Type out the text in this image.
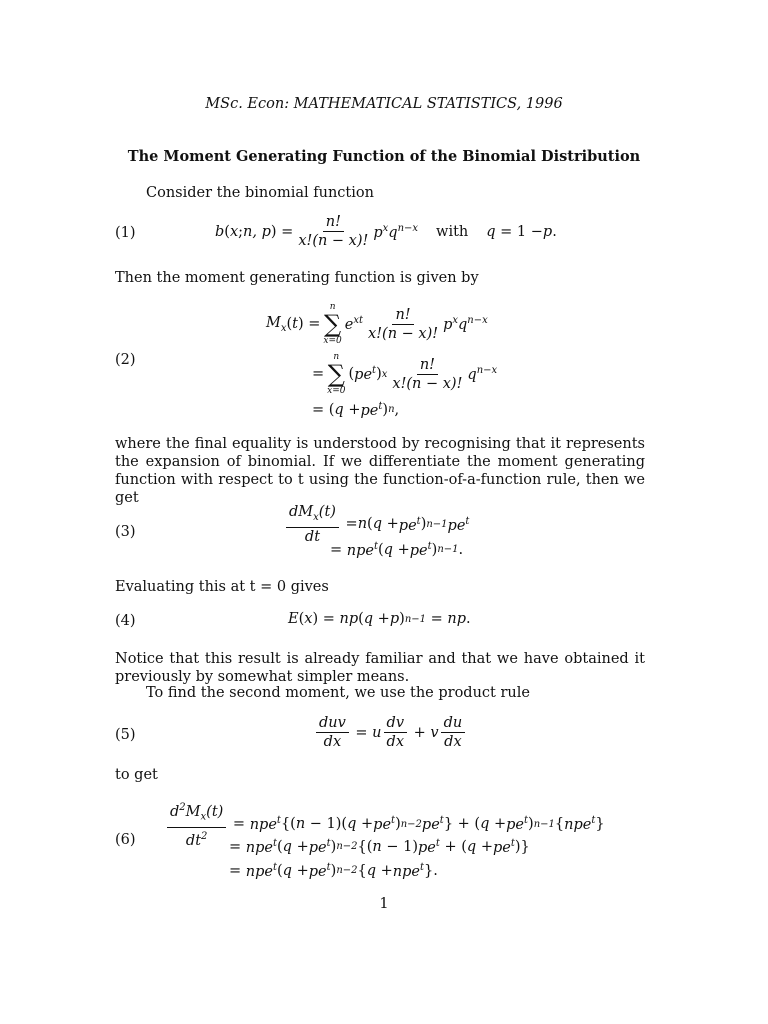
MSc. Econ: MATHEMATICAL STATISTICS, 1996
The Moment Generating Function of the Binomial Distribution
Consider the binomial function
(1)	b ( x ; n, p ) = $\frac{n!}{x!(n - x)!} p^xq^{n-x}$ with q = 1 − p .
Then the moment generating function is given by
(2)
$M_x$ ( t ) =
n
∑
x=0
$e^{xt} \frac{n!}{x!(n - x)!} p^xq^{n-x}$
=
n
∑
x=0
( $pe^t$ ) x $\frac{n!}{x!(n - x)!} q^{n-x}$
= ( $q + pe^t$ ) n ,
where the final equality is understood by recognising that it represents the expansion of binomial. If we differentiate the moment generating function with respect to t using the function-of-a-function rule, then we get
(3)	$\frac{dM_x(t)}{dt} = n$ ( $q + pe^t$ ) n−1 $pe^t$
= npe$^t$ ( $q + pe^t$ ) n−1 .
Evaluating this at t = 0 gives
(4)	E ( x ) = np ( q + p ) n−1 = np .
Notice that this result is already familiar and that we have obtained it previously by somewhat simpler means.
To find the second moment, we use the product rule
(5)	$\frac{\text{duv}}{dx} = u \frac{dv}{dx} + v \frac{du}{dx}$
to get
$(6) \frac{d^2M_x(t)}{dt^2} = npe^t$ {( n − 1)( $q + pe^t$ ) n−2 $pe^t$ } + ( $q + pe^t$ ) n−1 { npe$^t$ }
= npe$^t$ ( $q + pe^t$ ) n−2 {( n − 1) $pe^t$ + ( $q + pe^t$ )}
= npe$^t$ ( $q + pe^t$ ) n−2 { q + npe$^t$ }.
1
